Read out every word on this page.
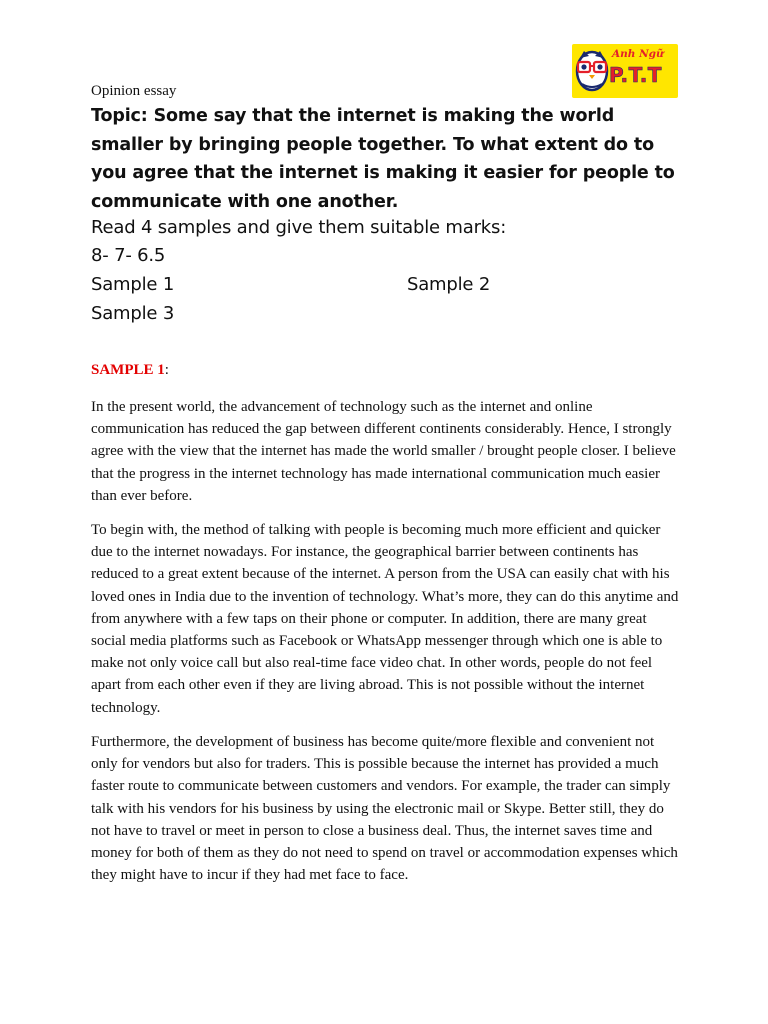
Anh Ngữ
P.T.T
Opinion essay

Topic: Some say that the internet is making the world smaller by bringing people together. To what extent do to you agree that the internet is making it easier for people to communicate with one another.

Read 4 samples and give them suitable marks:
8- 7- 6.5
Sample 1	Sample 2
Sample 3
SAMPLE 1:

In the present world, the advancement of technology such as the internet and online communication has reduced the gap between different continents considerably. Hence, I strongly agree with the view that the internet has made the world smaller / brought people closer. I believe that the progress in the internet technology has made international communication much easier than ever before.

To begin with, the method of talking with people is becoming much more efficient and quicker due to the internet nowadays. For instance, the geographical barrier between continents has reduced to a great extent because of the internet. A person from the USA can easily chat with his loved ones in India due to the invention of technology. What’s more, they can do this anytime and from anywhere with a few taps on their phone or computer. In addition, there are many great social media platforms such as Facebook or WhatsApp messenger through which one is able to make not only voice call but also real-time face video chat. In other words, people do not feel apart from each other even if they are living abroad. This is not possible without the internet technology.

Furthermore, the development of business has become quite/more flexible and convenient not only for vendors but also for traders. This is possible because the internet has provided a much faster route to communicate between customers and vendors. For example, the trader can simply talk with his vendors for his business by using the electronic mail or Skype. Better still, they do not have to travel or meet in person to close a business deal. Thus, the internet saves time and money for both of them as they do not need to spend on travel or accommodation expenses which they might have to incur if they had met face to face.
